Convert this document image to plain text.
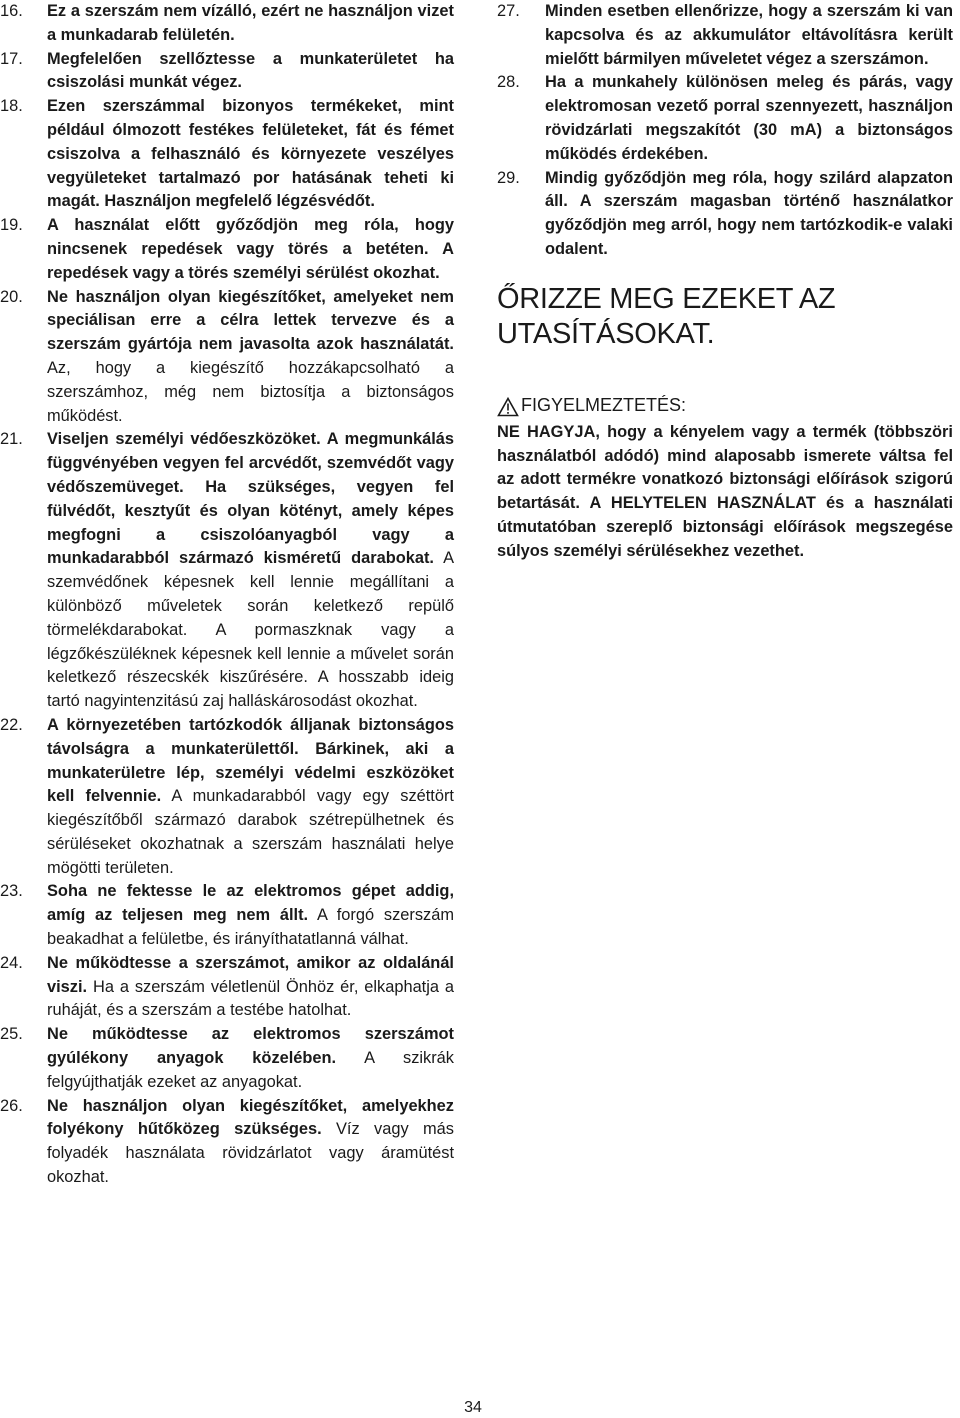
16. Ez a szerszám nem vízálló, ezért ne használjon vizet a munkadarab felületén.
17. Megfelelően szellőztesse a munkaterületet ha csiszolási munkát végez.
18. Ezen szerszámmal bizonyos termékeket, mint például ólmozott festékes felületeket, fát és fémet csiszolva a felhasználó és környezete veszélyes vegyületeket tartalmazó por hatásának teheti ki magát. Használjon megfelelő légzésvédőt.
19. A használat előtt győződjön meg róla, hogy nincsenek repedések vagy törés a betéten. A repedések vagy a törés személyi sérülést okozhat.
20. Ne használjon olyan kiegészítőket, amelyeket nem speciálisan erre a célra lettek tervezve és a szerszám gyártója nem javasolta azok használatát. Az, hogy a kiegészítő hozzákapcsolható a szerszámhoz, még nem biztosítja a biztonságos működést.
21. Viseljen személyi védőeszközöket. A megmunkálás függvényében vegyen fel arcvédőt, szemvédőt vagy védőszemüveget. Ha szükséges, vegyen fel fülvédőt, kesztyűt és olyan kötényt, amely képes megfogni a csiszolóanyagból vagy a munkadarabból származó kisméretű darabokat. A szemvédőnek képesnek kell lennie megállítani a különböző műveletek során keletkező repülő törmelékdarabokat. A pormaszknak vagy a légzőkészüléknek képesnek kell lennie a művelet során keletkező részecskék kiszűrésére. A hosszabb ideig tartó nagyintenzitású zaj halláskárosodást okozhat.
22. A környezetében tartózkodók álljanak biztonságos távolságra a munkaterülettől. Bárkinek, aki a munkaterületre lép, személyi védelmi eszközöket kell felvennie. A munkadarabból vagy egy széttört kiegészítőből származó darabok szétrepülhetnek és sérüléseket okozhatnak a szerszám használati helye mögötti területen.
23. Soha ne fektesse le az elektromos gépet addig, amíg az teljesen meg nem állt. A forgó szerszám beakadhat a felületbe, és irányíthatatlanná válhat.
24. Ne működtesse a szerszámot, amikor az oldalánál viszi. Ha a szerszám véletlenül Önhöz ér, elkaphatja a ruháját, és a szerszám a testébe hatolhat.
25. Ne működtesse az elektromos szerszámot gyúlékony anyagok közelében. A szikrák felgyújthatják ezeket az anyagokat.
26. Ne használjon olyan kiegészítőket, amelyekhez folyékony hűtőközeg szükséges. Víz vagy más folyadék használata rövidzárlatot vagy áramütést okozhat.
27. Minden esetben ellenőrizze, hogy a szerszám ki van kapcsolva és az akkumulátor eltávolításra került mielőtt bármilyen műveletet végez a szerszámon.
28. Ha a munkahely különösen meleg és párás, vagy elektromosan vezető porral szennyezett, használjon rövidzárlati megszakítót (30 mA) a biztonságos működés érdekében.
29. Mindig győződjön meg róla, hogy szilárd alapzaton áll. A szerszám magasban történő használatkor győződjön meg arról, hogy nem tartózkodik-e valaki odalent.
ŐRIZZE MEG EZEKET AZ
UTASÍTÁSOKAT.
FIGYELMEZTETÉS:
NE HAGYJA, hogy a kényelem vagy a termék (többszöri használatból adódó) mind alaposabb ismerete váltsa fel az adott termékre vonatkozó biztonsági előírások szigorú betartását. A HELYTELEN HASZNÁLAT és a használati útmutatóban szereplő biztonsági előírások megszegése súlyos személyi sérülésekhez vezethet.
34
